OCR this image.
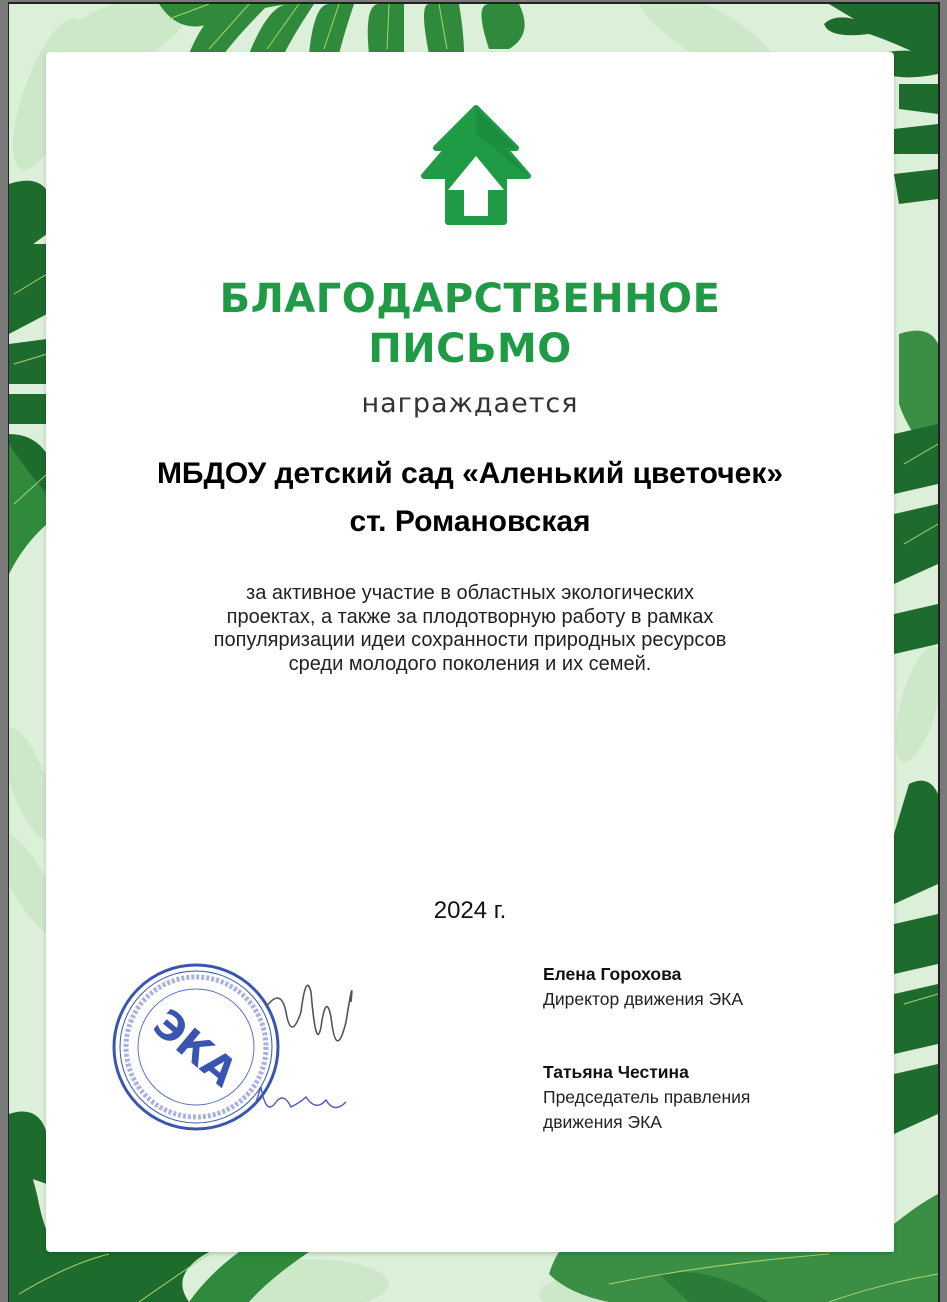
БЛАГОДАРСТВЕННОЕ
ПИСЬМО
награждается
МБДОУ детский сад «Аленький цветочек»
ст. Романовская
за активное участие в областных экологических
проектах, а также за плодотворную работу в рамках
популяризации идеи сохранности природных ресурсов
среди молодого поколения и их семей.
2024 г.
ЭКА
Елена Горохова
Директор движения ЭКА
Татьяна Честина
Председатель правления
движения ЭКА
